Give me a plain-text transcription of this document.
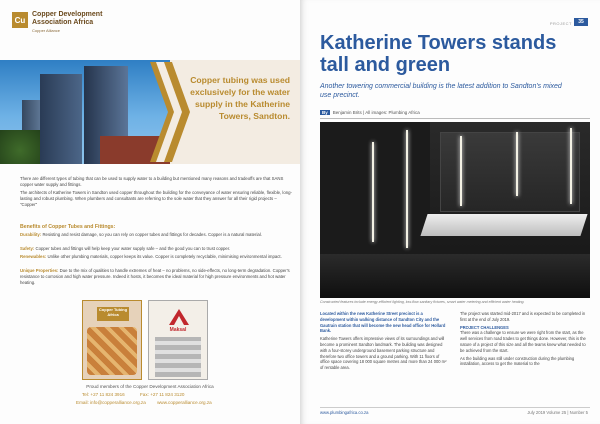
Cu
Copper Development
Association Africa
Copper Alliance
Copper tubing was used exclusively for the water supply in the Katherine Towers, Sandton.

There are different types of tubing that can be used to supply water to a building but mentioned many reasons and tradeoffs are that SANS copper water supply and fittings.

The architects of Katherine Towers in Sandton used copper throughout the building for the conveyance of water ensuring reliable, flexible, long-lasting and robust plumbing. When plumbers and consultants are referring to the sole water that they answer for all their rigid projects – "Copper"

Benefits of Copper Tubes and Fittings:

Durability: Resisting and resist damage, so you can rely on copper tubes and fittings for decades. Copper is a natural material.

Safety: Copper tubes and fittings will help keep your water supply safe – and the good you can to trust copper.

Renewables: Unlike other plumbing materials, copper keeps its value. Copper is completely recyclable, minimising environmental impact.

Unique Properties: Due to the mix of qualities to handle extremes of heat – no problems, no side-effects, no long-term degradation. Copper's resistance to corrosion and high water pressure. Indeed it hosts, it becomes the ideal material for high pressure environments and hot water heating.

Copper Tubing Africa
Maksal
Proud members of the Copper Development Association Africa
Tel: +27 11 824 3916	Fax: +27 11 824 3120
Email: info@copperalliance.org.za www.copperalliance.org.za
PROJECT	35
Katherine Towers stands tall and green

Another towering commercial building is the latest addition to Sandton's mixed use precinct.

By Benjamin Brits | All images: Plumbing Africa
Constructed features include energy-efficient lighting, low-flow sanitary fixtures, smart water metering and efficient water heating.

Located within the new Katherine Street precinct is a development within walking distance of Sandton City and the Gautrain station that will become the new head office for Hollard Bank.

Katherine Towers offers impressive views of its surroundings and will become a prominent Sandton landmark. The building was designed with a four-storey underground basement parking structure and therefore two office towers and a ground parking. With 11 floors of office space covering 18 000 square metres and more than 24 000 m² of rentable area.

The project was started mid-2017 and is expected to be completed in first at the end of July 2019.

PROJECT CHALLENGES

There was a challenge to ensure we were right from the start, as the well services from road trades to get things done. However, this is the nature of a project of this size and all the teams knew what needed to be achieved from the start.

As the building was still under construction during the plumbing installation, access to get the material to the

www.plumbingafrica.co.za	July 2019 Volume 25 | Number 5
